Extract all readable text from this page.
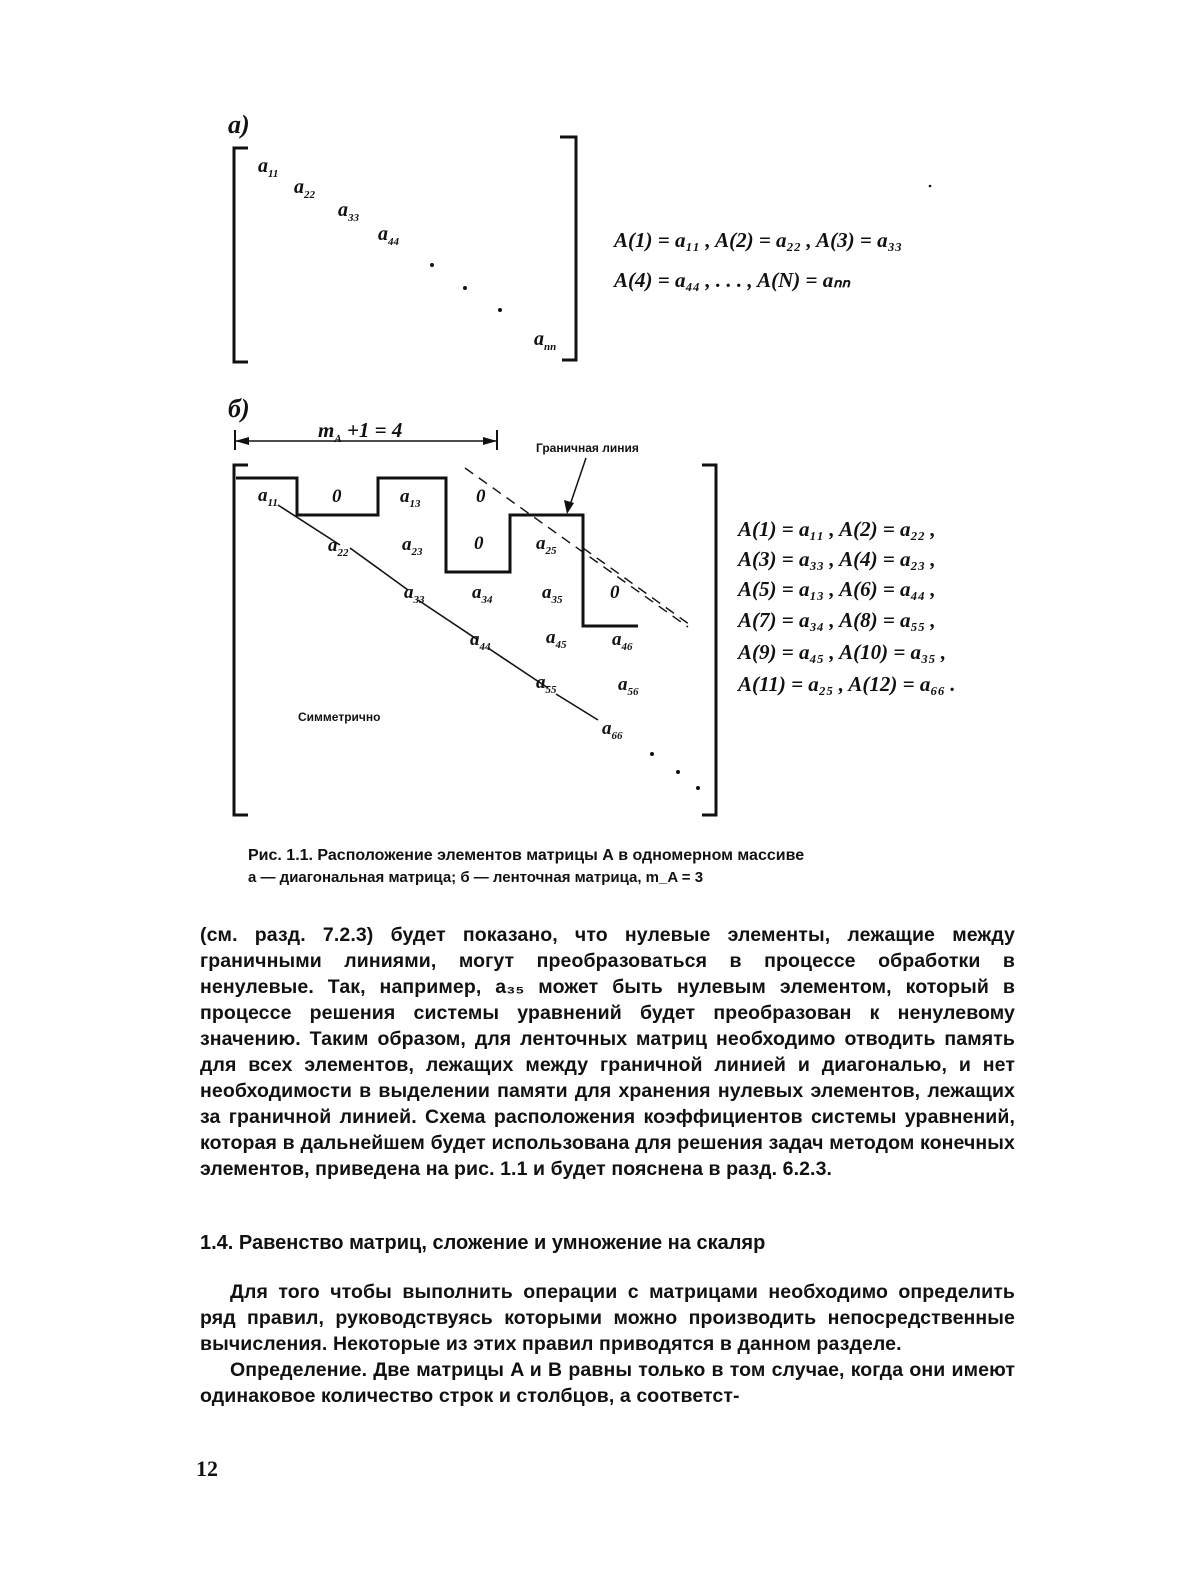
а)
$a_{11}$
$a_{22}$
$a_{33}$
$a_{44}$
$a_{nn}$
б)
$m_A +1 = 4$
Граничная линия
$a_{11}$	0	$a_{13}$	0
$a_{22}$	$a_{23}$	0	$a_{25}$
$a_{33}$	$a_{34}$	$a_{35}$	0
$a_{44}$	$a_{45}$ $a_{46}$
$a_{55}$	$a_{56}$
$a_{66}$
Симметрично
A(1) = a₁₁ , A(2) = a₂₂ , A(3) = a₃₃
A(4) = a₄₄ , . . . , A(N) = aₙₙ
A(1) = a₁₁ , A(2) = a₂₂ ,
A(3) = a₃₃ , A(4) = a₂₃ ,
A(5) = a₁₃ , A(6) = a₄₄ ,
A(7) = a₃₄ , A(8) = a₅₅ ,
A(9) = a₄₅ , A(10) = a₃₅ ,
A(11) = a₂₅ , A(12) = a₆₆ .
Рис. 1.1. Расположение элементов матрицы А в одномерном массиве
а — диагональная матрица; б — ленточная матрица, m_A = 3

(см. разд. 7.2.3) будет показано, что нулевые элементы, лежащие между граничными линиями, могут преобразоваться в процессе обработки в ненулевые. Так, например, a₃₅ может быть нулевым элементом, который в процессе решения системы уравнений будет преобразован к ненулевому значению. Таким образом, для ленточных матриц необходимо отводить память для всех элементов, лежащих между граничной линией и диагональю, и нет необходимости в выделении памяти для хранения нулевых элементов, лежащих за граничной линией. Схема расположения коэффициентов системы уравнений, которая в дальнейшем будет использована для решения задач методом конечных элементов, приведена на рис. 1.1 и будет пояснена в разд. 6.2.3.

1.4. Равенство матриц, сложение и умножение на скаляр

Для того чтобы выполнить операции с матрицами необходимо определить ряд правил, руководствуясь которыми можно производить непосредственные вычисления. Некоторые из этих правил приводятся в данном разделе.

Определение. Две матрицы A и B равны только в том случае, когда они имеют одинаковое количество строк и столбцов, а соответст-

12
